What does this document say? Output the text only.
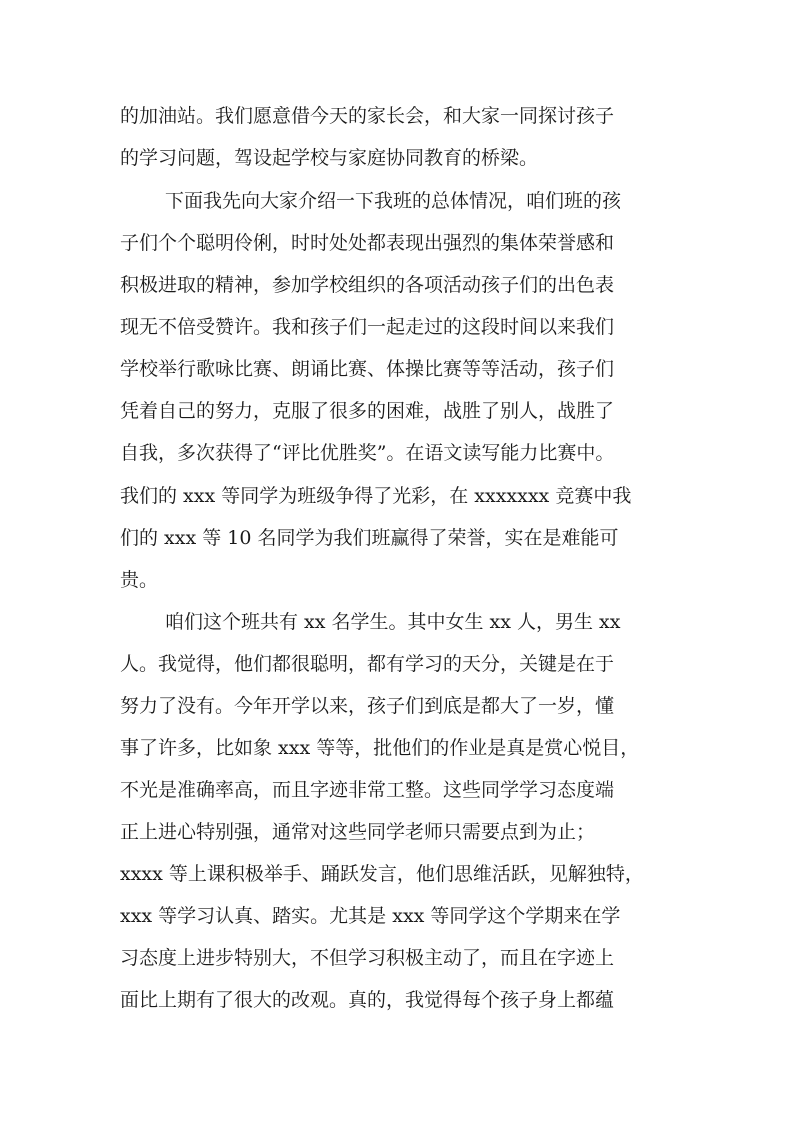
的加油站。我们愿意借今天的家长会，和大家一同探讨孩子
的学习问题，驾设起学校与家庭协同教育的桥梁。
下面我先向大家介绍一下我班的总体情况，咱们班的孩
子们个个聪明伶俐，时时处处都表现出强烈的集体荣誉感和
积极进取的精神，参加学校组织的各项活动孩子们的出色表
现无不倍受赞许。我和孩子们一起走过的这段时间以来我们
学校举行歌咏比赛、朗诵比赛、体操比赛等等活动，孩子们
凭着自己的努力，克服了很多的困难，战胜了别人，战胜了
自我，多次获得了“评比优胜奖”。在语文读写能力比赛中。
我们的 xxx 等同学为班级争得了光彩，在 xxxxxxx 竞赛中我
们的 xxx 等 10 名同学为我们班赢得了荣誉，实在是难能可
贵。
咱们这个班共有 xx 名学生。其中女生 xx 人，男生 xx
人。我觉得，他们都很聪明，都有学习的天分，关键是在于
努力了没有。今年开学以来，孩子们到底是都大了一岁，懂
事了许多，比如象 xxx 等等，批他们的作业是真是赏心悦目，
不光是准确率高，而且字迹非常工整。这些同学学习态度端
正上进心特别强，通常对这些同学老师只需要点到为止；
xxxx 等上课积极举手、踊跃发言，他们思维活跃，见解独特，
xxx 等学习认真、踏实。尤其是 xxx 等同学这个学期来在学
习态度上进步特别大，不但学习积极主动了，而且在字迹上
面比上期有了很大的改观。真的，我觉得每个孩子身上都蕴
